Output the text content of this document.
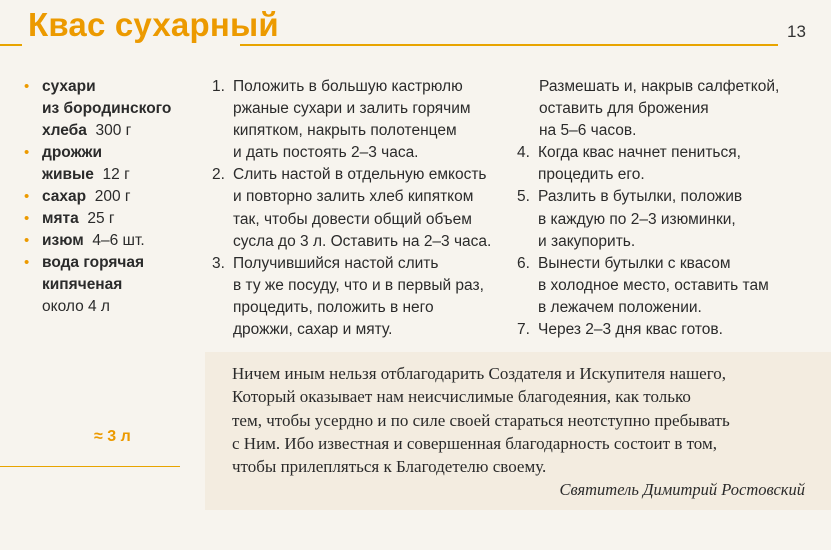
Квас сухарный	13
• сухари
из бородинского
хлеба 300 г
• дрожжи
живые 12 г
• сахар 200 г
• мята 25 г
• изюм 4–6 шт.
• вода горячая
кипяченая
около 4 л
1. Положить в большую кастрюлю
ржаные сухари и залить горячим
кипятком, накрыть полотенцем
и дать постоять 2–3 часа.
2. Слить настой в отдельную емкость
и повторно залить хлеб кипятком
так, чтобы довести общий объем
сусла до 3 л. Оставить на 2–3 часа.
3. Получившийся настой слить
в ту же посуду, что и в первый раз,
процедить, положить в него
дрожжи, сахар и мяту.
Размешать и, накрыв салфеткой,
оставить для брожения
на 5–6 часов.
4. Когда квас начнет пениться,
процедить его.
5. Разлить в бутылки, положив
в каждую по 2–3 изюминки,
и закупорить.
6. Вынести бутылки с квасом
в холодное место, оставить там
в лежачем положении.
7. Через 2–3 дня квас готов.
≈ 3 л
Ничем иным нельзя отблагодарить Создателя и Искупителя нашего,
Который оказывает нам неисчислимые благодеяния, как только
тем, чтобы усердно и по силе своей стараться неотступно пребывать
с Ним. Ибо известная и совершенная благодарность состоит в том,
чтобы прилепляться к Благодетелю своему.
Святитель Димитрий Ростовский
